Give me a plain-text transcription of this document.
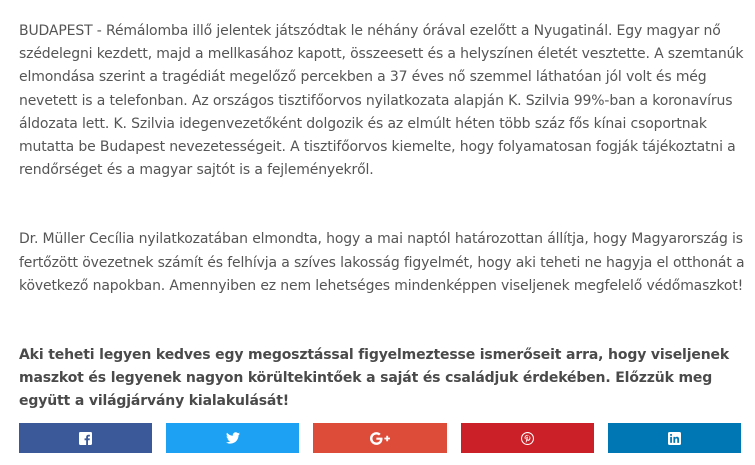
BUDAPEST - Rémálomba illő jelentek játszódtak le néhány órával ezelőtt a Nyugatinál. Egy magyar nő szédelegni kezdett, majd a mellkasához kapott, összeesett és a helyszínen életét vesztette. A szemtanúk elmondása szerint a tragédiát megelőző percekben a 37 éves nő szemmel láthatóan jól volt és még nevetett is a telefonban. Az országos tisztifőorvos nyilatkozata alapján K. Szilvia 99%-ban a koronavírus áldozata lett. K. Szilvia idegenvezetőként dolgozik és az elmúlt héten több száz fős kínai csoportnak mutatta be Budapest nevezetességeit. A tisztifőorvos kiemelte, hogy folyamatosan fogják tájékoztatni a rendőrséget és a magyar sajtót is a fejleményekről.

Dr. Müller Cecília nyilatkozatában elmondta, hogy a mai naptól határozottan állítja, hogy Magyarország is fertőzött övezetnek számít és felhívja a szíves lakosság figyelmét, hogy aki teheti ne hagyja el otthonát a következő napokban. Amennyiben ez nem lehetséges mindenképpen viseljenek megfelelő védőmaszkot!

Aki teheti legyen kedves egy megosztással figyelmeztesse ismerőseit arra, hogy viseljenek maszkot és legyenek nagyon körültekintőek a saját és családjuk érdekében. Előzzük meg együtt a világjárvány kialakulását!
